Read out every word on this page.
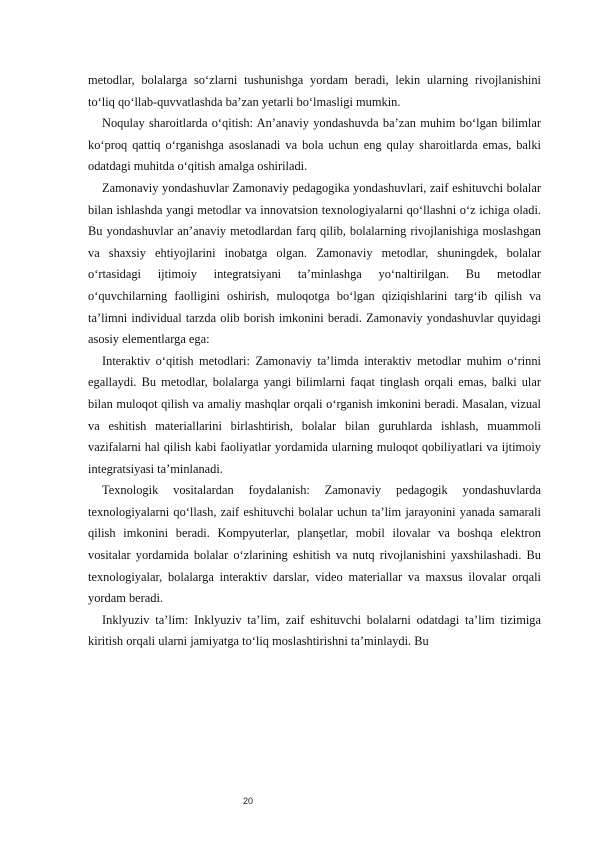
metodlar, bolalarga so‘zlarni tushunishga yordam beradi, lekin ularning rivojlanishini to‘liq qo‘llab-quvvatlashda ba’zan yetarli bo‘lmasligi mumkin.

Noqulay sharoitlarda o‘qitish: An’anaviy yondashuvda ba’zan muhim bo‘lgan bilimlar ko‘proq qattiq o‘rganishga asoslanadi va bola uchun eng qulay sharoitlarda emas, balki odatdagi muhitda o‘qitish amalga oshiriladi.

Zamonaviy yondashuvlar Zamonaviy pedagogika yondashuvlari, zaif eshituvchi bolalar bilan ishlashda yangi metodlar va innovatsion texnologiyalarni qo‘llashni o‘z ichiga oladi. Bu yondashuvlar an’anaviy metodlardan farq qilib, bolalarning rivojlanishiga moslashgan va shaxsiy ehtiyojlarini inobatga olgan. Zamonaviy metodlar, shuningdek, bolalar o‘rtasidagi ijtimoiy integratsiyani ta’minlashga yo‘naltirilgan. Bu metodlar o‘quvchilarning faolligini oshirish, muloqotga bo‘lgan qiziqishlarini targ‘ib qilish va ta’limni individual tarzda olib borish imkonini beradi. Zamonaviy yondashuvlar quyidagi asosiy elementlarga ega:

Interaktiv o‘qitish metodlari: Zamonaviy ta’limda interaktiv metodlar muhim o‘rinni egallaydi. Bu metodlar, bolalarga yangi bilimlarni faqat tinglash orqali emas, balki ular bilan muloqot qilish va amaliy mashqlar orqali o‘rganish imkonini beradi. Masalan, vizual va eshitish materiallarini birlashtirish, bolalar bilan guruhlarda ishlash, muammoli vazifalarni hal qilish kabi faoliyatlar yordamida ularning muloqot qobiliyatlari va ijtimoiy integratsiyasi ta’minlanadi.

Texnologik vositalardan foydalanish: Zamonaviy pedagogik yondashuvlarda texnologiyalarni qo‘llash, zaif eshituvchi bolalar uchun ta’lim jarayonini yanada samarali qilish imkonini beradi. Kompyuterlar, planşetlar, mobil ilovalar va boshqa elektron vositalar yordamida bolalar o‘zlarining eshitish va nutq rivojlanishini yaxshilashadi. Bu texnologiyalar, bolalarga interaktiv darslar, video materiallar va maxsus ilovalar orqali yordam beradi.

Inklyuziv ta’lim: Inklyuziv ta’lim, zaif eshituvchi bolalarni odatdagi ta’lim tizimiga kiritish orqali ularni jamiyatga to‘liq moslashtirishni ta’minlaydi. Bu

20
